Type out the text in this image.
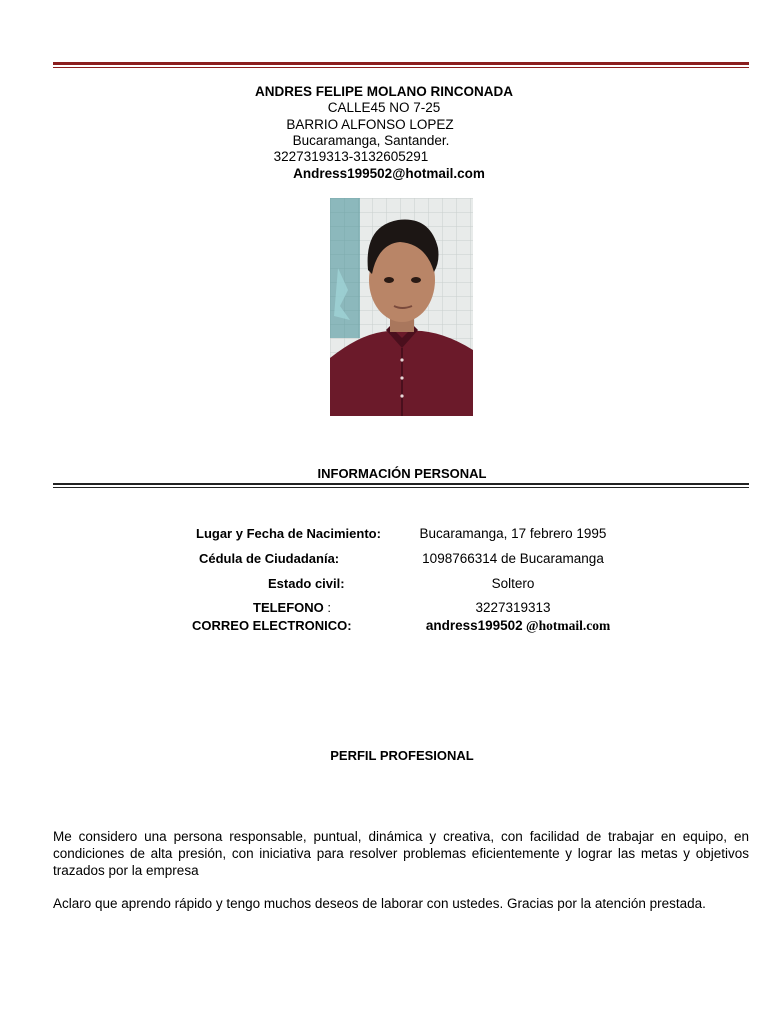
ANDRES FELIPE MOLANO RINCONADA
CALLE45 NO 7-25
BARRIO ALFONSO LOPEZ
Bucaramanga, Santander.
3227319313-3132605291
Andress199502@hotmail.com
INFORMACIÓN PERSONAL
Lugar y Fecha de Nacimiento:	Bucaramanga, 17 febrero 1995
Cédula de Ciudadanía:	1098766314 de Bucaramanga
Estado civil:	Soltero
TELEFONO :	3227319313
CORREO ELECTRONICO:	andress199502 @hotmail.com
PERFIL PROFESIONAL
Me considero una persona responsable, puntual, dinámica y creativa, con facilidad de trabajar en equipo, en condiciones de alta presión, con iniciativa para resolver problemas eficientemente y lograr las metas y objetivos trazados por la empresa
Aclaro que aprendo rápido y tengo muchos deseos de laborar con ustedes. Gracias por la atención prestada.
